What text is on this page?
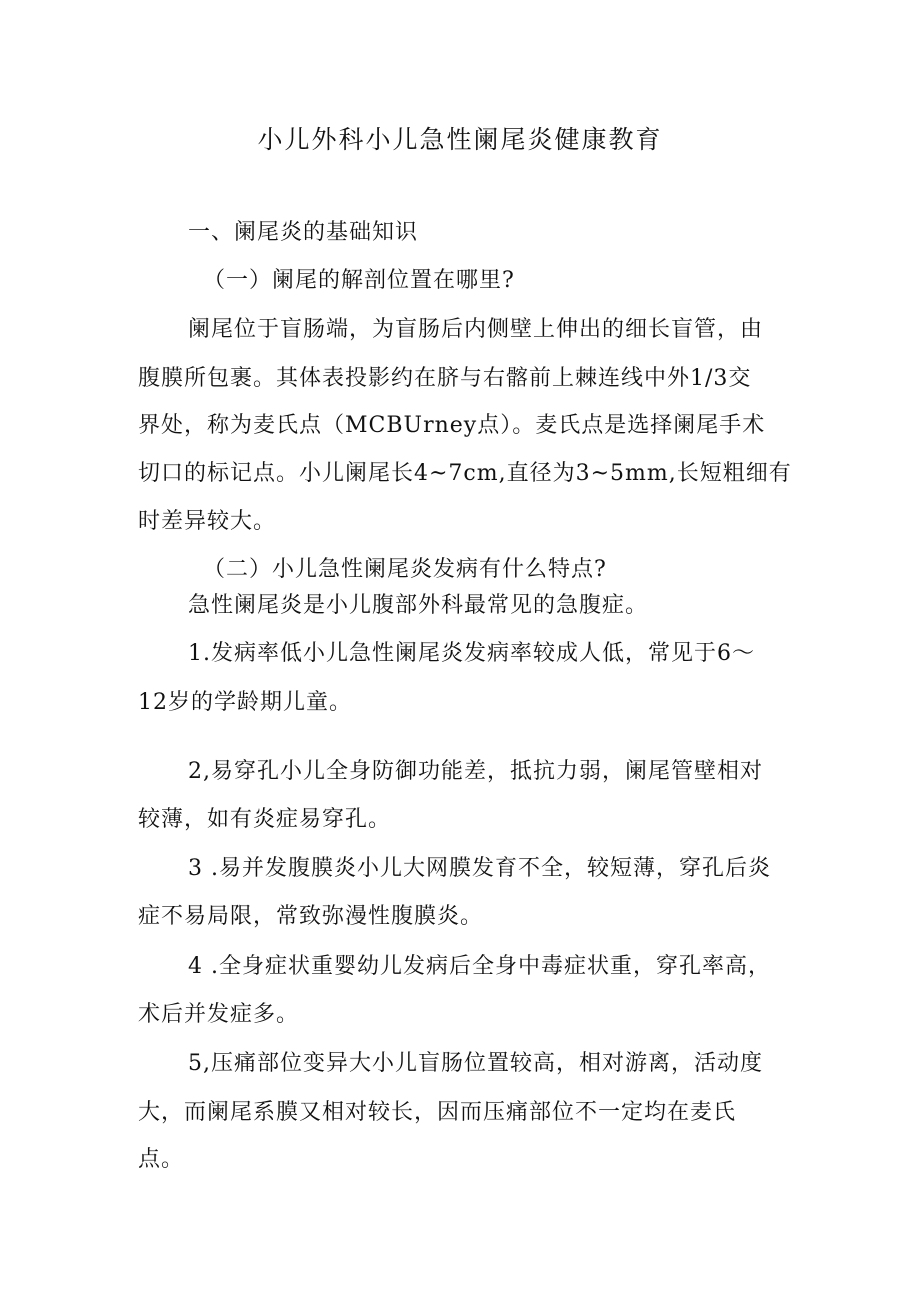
小儿外科小儿急性阑尾炎健康教育
一、阑尾炎的基础知识
（一）阑尾的解剖位置在哪里?
阑尾位于盲肠端，为盲肠后内侧壁上伸出的细长盲管，由
腹膜所包裹。其体表投影约在脐与右髂前上棘连线中外1/3交
界处，称为麦氏点（MCBUrney点）。麦氏点是选择阑尾手术
切口的标记点。小儿阑尾长4~7cm,直径为3~5mm,长短粗细有
时差异较大。
（二）小儿急性阑尾炎发病有什么特点?
急性阑尾炎是小儿腹部外科最常见的急腹症。
1.发病率低小儿急性阑尾炎发病率较成人低，常见于6～
12岁的学龄期儿童。
2,易穿孔小儿全身防御功能差，抵抗力弱，阑尾管壁相对
较薄，如有炎症易穿孔。
3 .易并发腹膜炎小儿大网膜发育不全，较短薄，穿孔后炎
症不易局限，常致弥漫性腹膜炎。
4 .全身症状重婴幼儿发病后全身中毒症状重，穿孔率高，
术后并发症多。
5,压痛部位变异大小儿盲肠位置较高，相对游离，活动度
大，而阑尾系膜又相对较长，因而压痛部位不一定均在麦氏
点。
